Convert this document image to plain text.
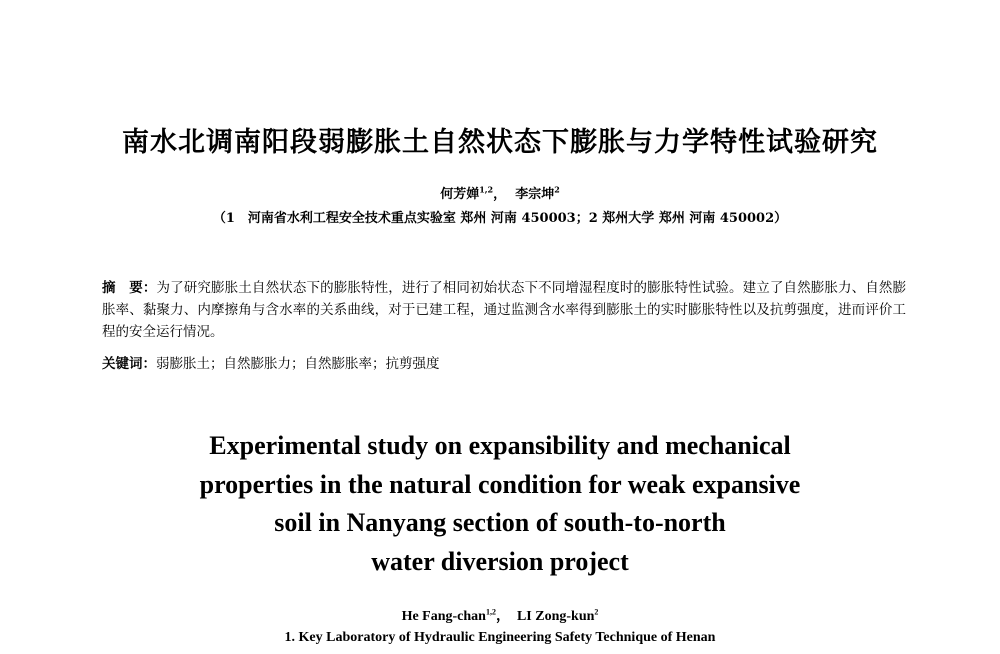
南水北调南阳段弱膨胀土自然状态下膨胀与力学特性试验研究
何芳婵$^{1,2}$， 李宗坤$^2$
（1　河南省水利工程安全技术重点实验室 郑州 河南 450003；2 郑州大学 郑州 河南 450002）
摘　要：为了研究膨胀土自然状态下的膨胀特性，进行了相同初始状态下不同增湿程度时的膨胀特性试验。建立了自然膨胀力、自然膨胀率、黏聚力、内摩擦角与含水率的关系曲线，对于已建工程，通过监测含水率得到膨胀土的实时膨胀特性以及抗剪强度，进而评价工程的安全运行情况。
关键词：弱膨胀土；自然膨胀力；自然膨胀率；抗剪强度
Experimental study on expansibility and mechanical
properties in the natural condition for weak expansive
soil in Nanyang section of south-to-north
water diversion project
He Fang-chan$^{1,2}$， LI Zong-kun$^2$
1. Key Laboratory of Hydraulic Engineering Safety Technique of Henan
